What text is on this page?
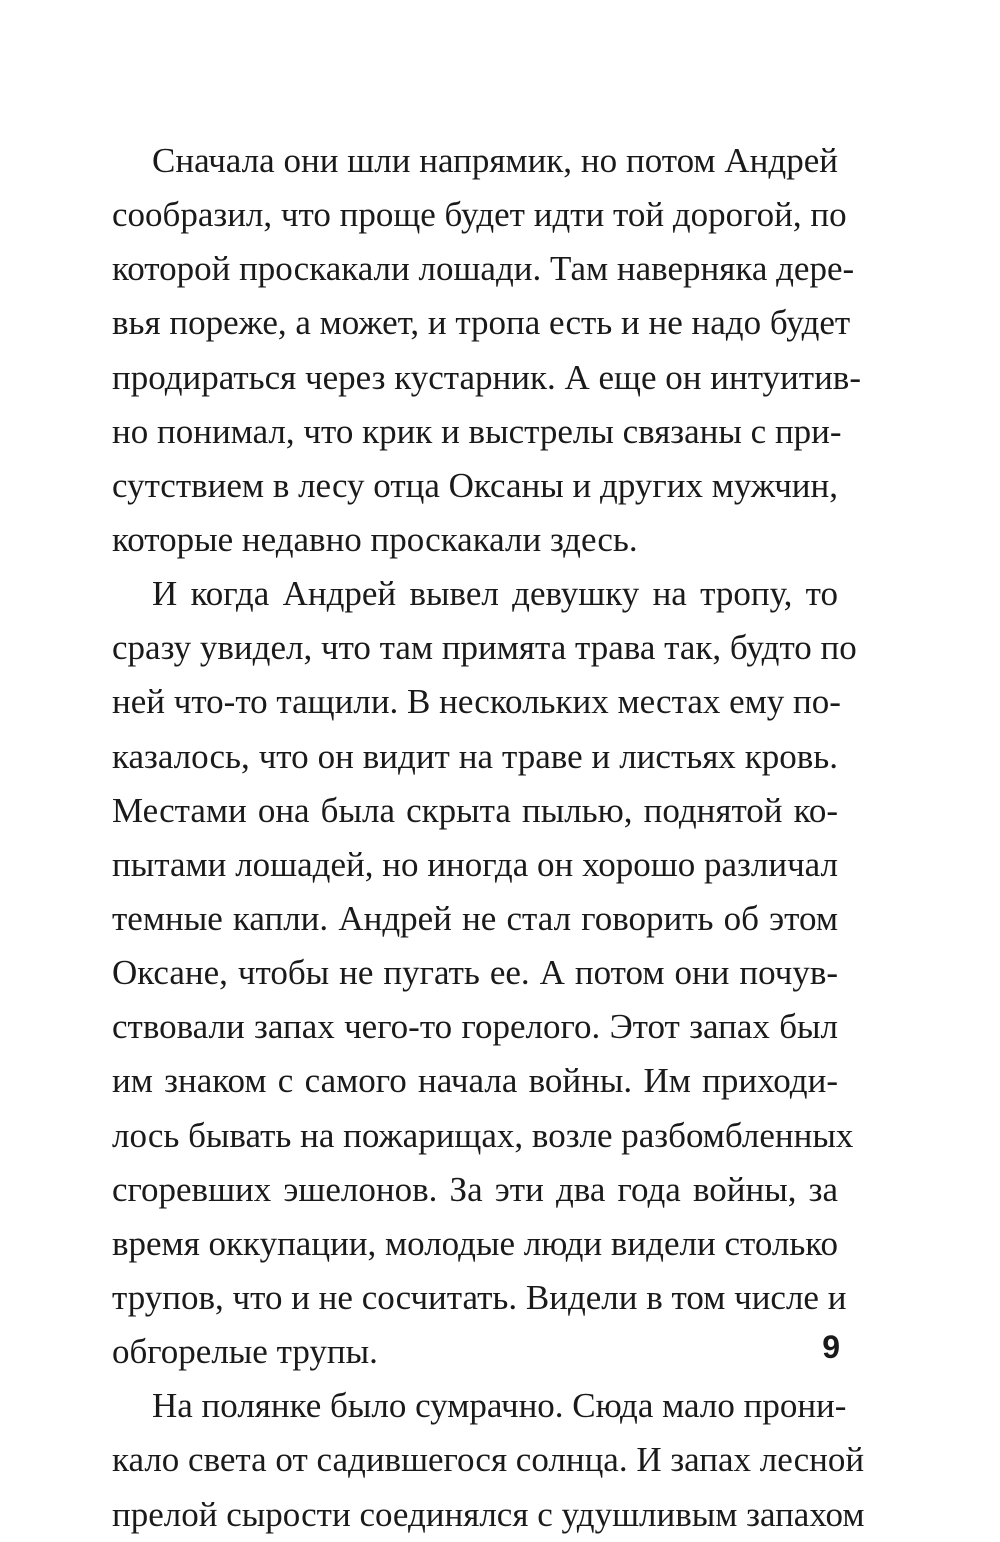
Сначала они шли напрямик, но потом Андрей
сообразил, что проще будет идти той дорогой, по
которой проскакали лошади. Там наверняка дере-
вья пореже, а может, и тропа есть и не надо будет
продираться через кустарник. А еще он интуитив-
но понимал, что крик и выстрелы связаны с при-
сутствием в лесу отца Оксаны и других мужчин,
которые недавно проскакали здесь.
И когда Андрей вывел девушку на тропу, то
сразу увидел, что там примята трава так, будто по
ней что-то тащили. В нескольких местах ему по-
казалось, что он видит на траве и листьях кровь.
Местами она была скрыта пылью, поднятой ко-
пытами лошадей, но иногда он хорошо различал
темные капли. Андрей не стал говорить об этом
Оксане, чтобы не пугать ее. А потом они почув-
ствовали запах чего-то горелого. Этот запах был
им знаком с самого начала войны. Им приходи-
лось бывать на пожарищах, возле разбомбленных
сгоревших эшелонов. За эти два года войны, за
время оккупации, молодые люди видели столько
трупов, что и не сосчитать. Видели в том числе и
обгорелые трупы.
На полянке было сумрачно. Сюда мало прони-
кало света от садившегося солнца. И запах лесной
прелой сырости соединялся с удушливым запахом
9
